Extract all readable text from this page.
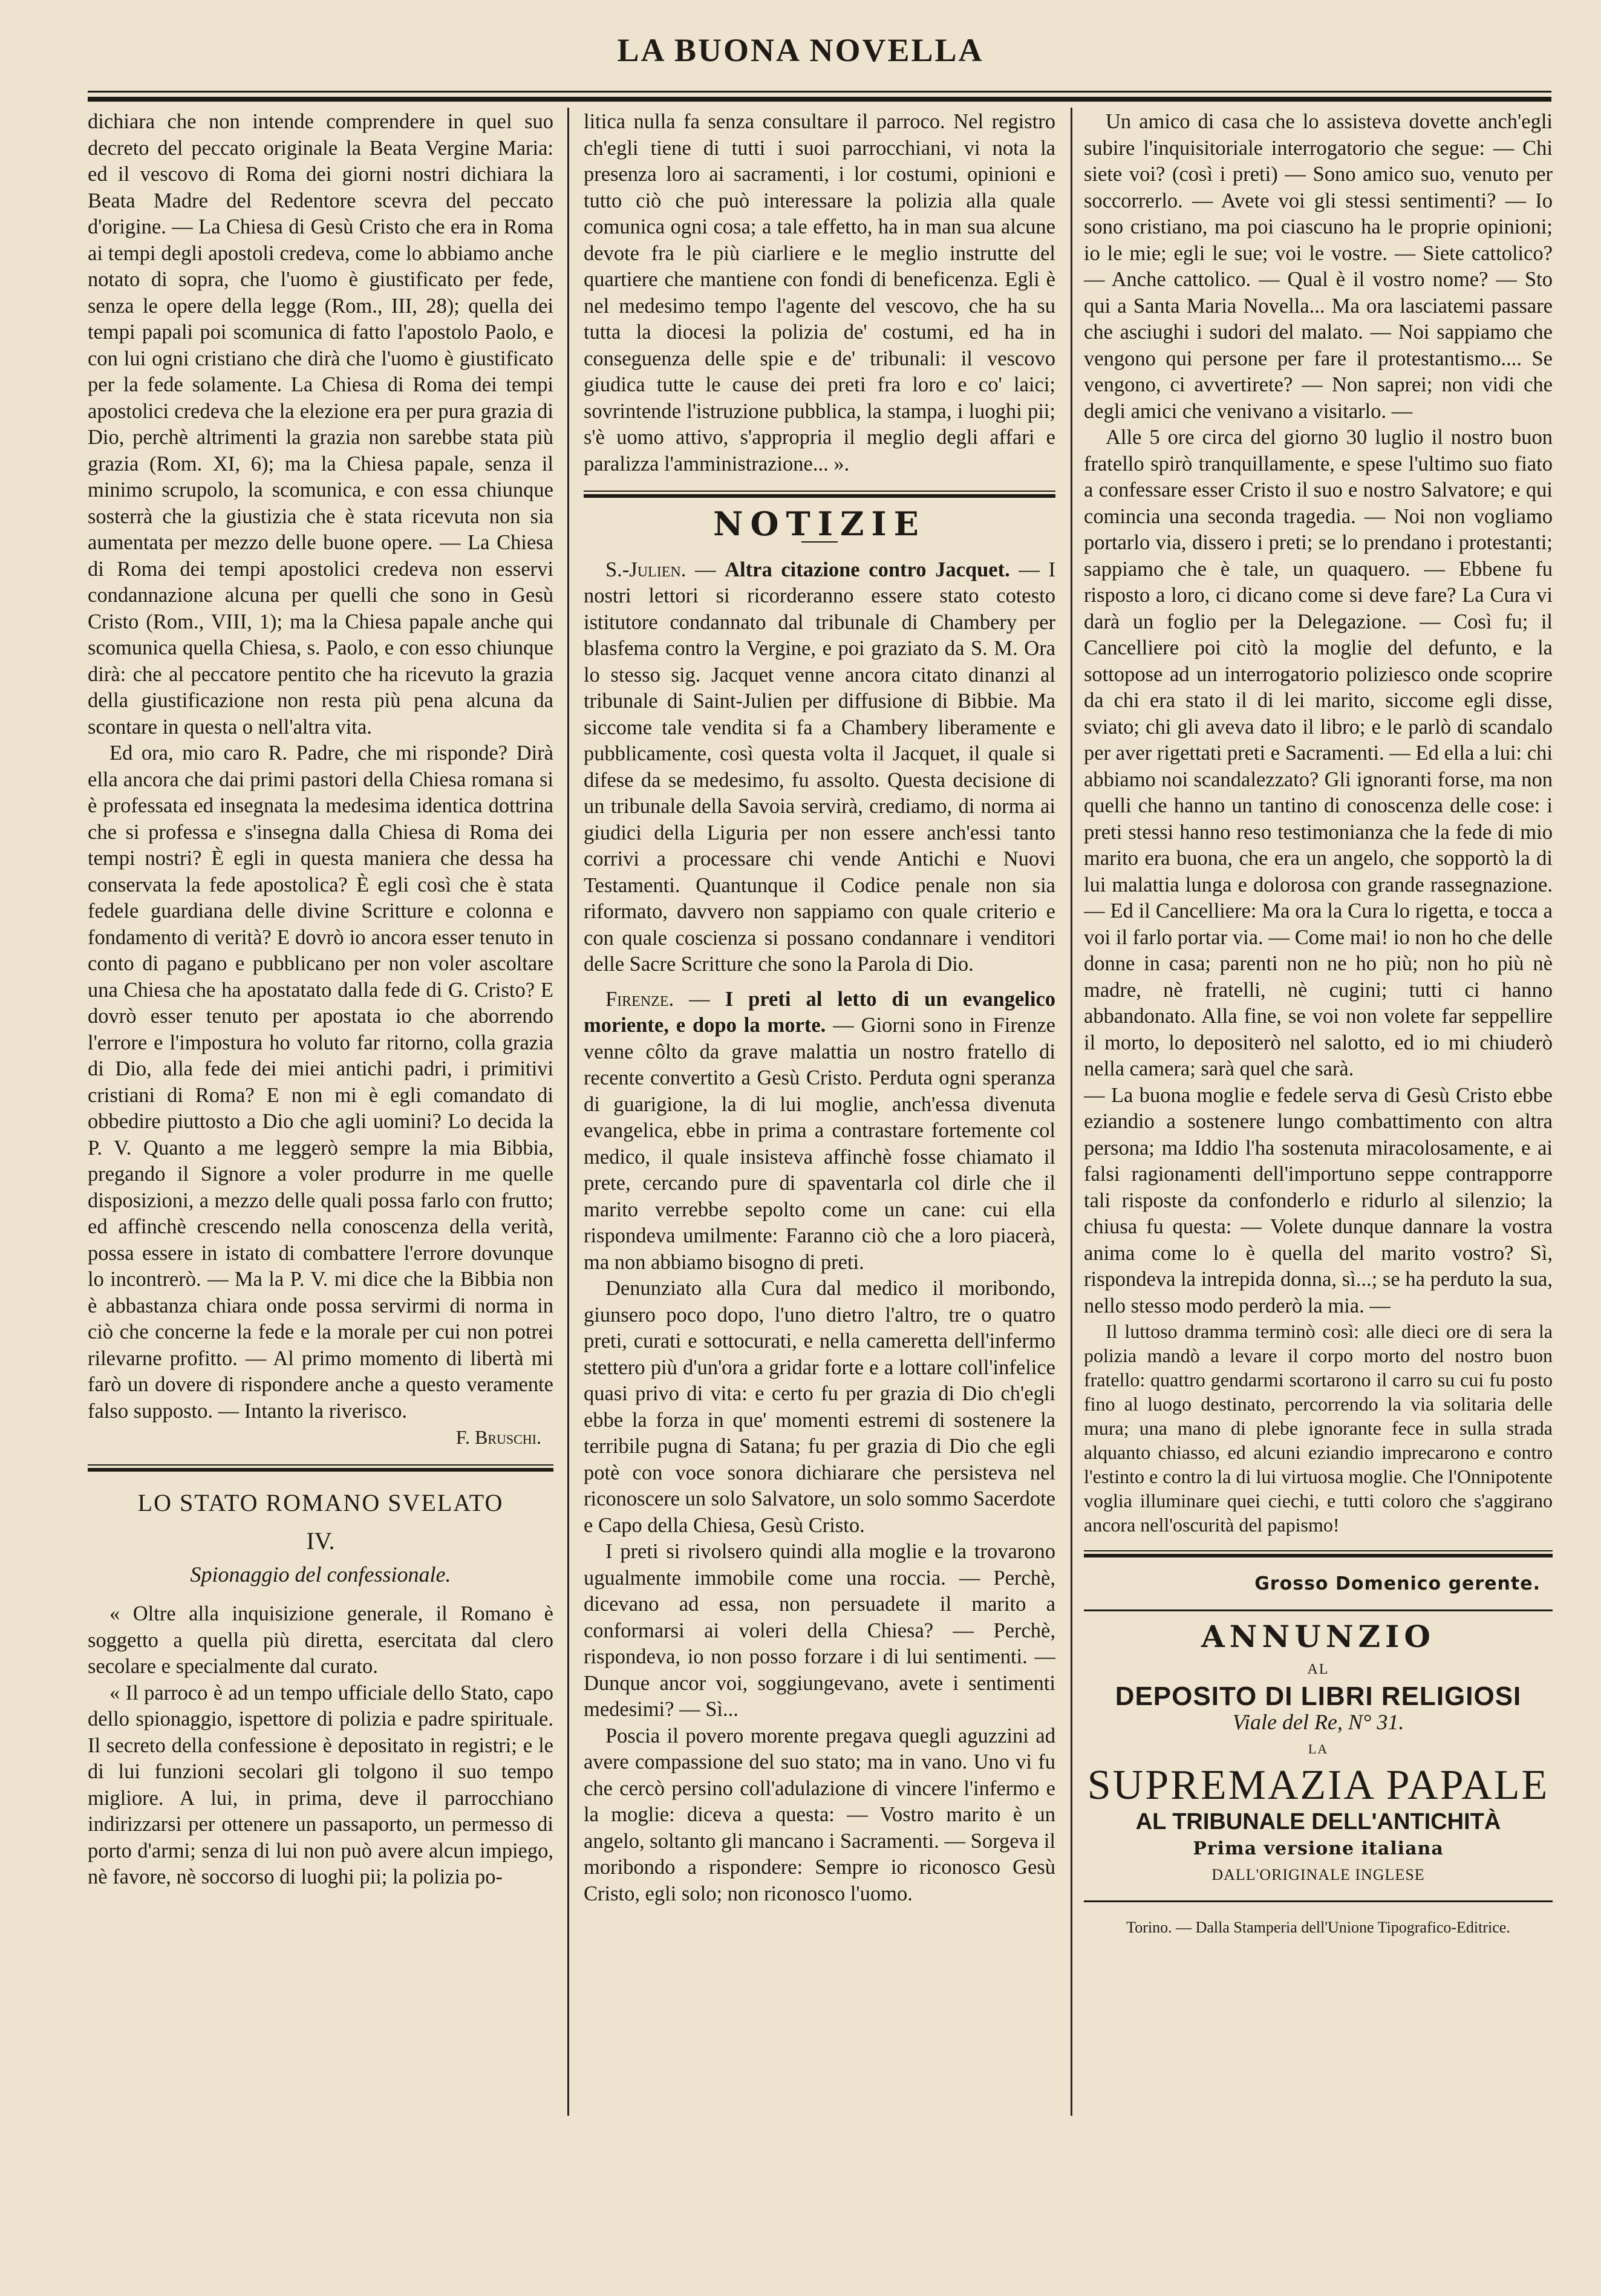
LA BUONA NOVELLA

dichiara che non intende comprendere in quel suo decreto del peccato originale la Beata Vergine Maria: ed il vescovo di Roma dei giorni nostri dichiara la Beata Madre del Redentore scevra del peccato d'origine. — La Chiesa di Gesù Cristo che era in Roma ai tempi degli apostoli credeva, come lo abbiamo anche notato di sopra, che l'uomo è giustificato per fede, senza le opere della legge (Rom., III, 28); quella dei tempi papali poi scomunica di fatto l'apostolo Paolo, e con lui ogni cristiano che dirà che l'uomo è giustificato per la fede solamente. La Chiesa di Roma dei tempi apostolici credeva che la elezione era per pura grazia di Dio, perchè altrimenti la grazia non sarebbe stata più grazia (Rom. XI, 6); ma la Chiesa papale, senza il minimo scrupolo, la scomunica, e con essa chiunque sosterrà che la giustizia che è stata ricevuta non sia aumentata per mezzo delle buone opere. — La Chiesa di Roma dei tempi apostolici credeva non esservi condannazione alcuna per quelli che sono in Gesù Cristo (Rom., VIII, 1); ma la Chiesa papale anche qui scomunica quella Chiesa, s. Paolo, e con esso chiunque dirà: che al peccatore pentito che ha ricevuto la grazia della giustificazione non resta più pena alcuna da scontare in questa o nell'altra vita.

Ed ora, mio caro R. Padre, che mi risponde? Dirà ella ancora che dai primi pastori della Chiesa romana si è professata ed insegnata la medesima identica dottrina che si professa e s'insegna dalla Chiesa di Roma dei tempi nostri? È egli in questa maniera che dessa ha conservata la fede apostolica? È egli così che è stata fedele guardiana delle divine Scritture e colonna e fondamento di verità? E dovrò io ancora esser tenuto in conto di pagano e pubblicano per non voler ascoltare una Chiesa che ha apostatato dalla fede di G. Cristo? E dovrò esser tenuto per apostata io che aborrendo l'errore e l'impostura ho voluto far ritorno, colla grazia di Dio, alla fede dei miei antichi padri, i primitivi cristiani di Roma? E non mi è egli comandato di obbedire piuttosto a Dio che agli uomini? Lo decida la P. V. Quanto a me leggerò sempre la mia Bibbia, pregando il Signore a voler produrre in me quelle disposizioni, a mezzo delle quali possa farlo con frutto; ed affinchè crescendo nella conoscenza della verità, possa essere in istato di combattere l'errore dovunque lo incontrerò. — Ma la P. V. mi dice che la Bibbia non è abbastanza chiara onde possa servirmi di norma in ciò che concerne la fede e la morale per cui non potrei rilevarne profitto. — Al primo momento di libertà mi farò un dovere di rispondere anche a questo veramente falso supposto. — Intanto la riverisco.

F. Bruschi.
LO STATO ROMANO SVELATO
IV.
Spionaggio del confessionale.

« Oltre alla inquisizione generale, il Romano è soggetto a quella più diretta, esercitata dal clero secolare e specialmente dal curato.

« Il parroco è ad un tempo ufficiale dello Stato, capo dello spionaggio, ispettore di polizia e padre spirituale. Il secreto della confessione è depositato in registri; e le di lui funzioni secolari gli tolgono il suo tempo migliore. A lui, in prima, deve il parrocchiano indirizzarsi per ottenere un passaporto, un permesso di porto d'armi; senza di lui non può avere alcun impiego, nè favore, nè soccorso di luoghi pii; la polizia po-

litica nulla fa senza consultare il parroco. Nel registro ch'egli tiene di tutti i suoi parrocchiani, vi nota la presenza loro ai sacramenti, i lor costumi, opinioni e tutto ciò che può interessare la polizia alla quale comunica ogni cosa; a tale effetto, ha in man sua alcune devote fra le più ciarliere e le meglio instrutte del quartiere che mantiene con fondi di beneficenza. Egli è nel medesimo tempo l'agente del vescovo, che ha su tutta la diocesi la polizia de' costumi, ed ha in conseguenza delle spie e de' tribunali: il vescovo giudica tutte le cause dei preti fra loro e co' laici; sovrintende l'istruzione pubblica, la stampa, i luoghi pii; s'è uomo attivo, s'appropria il meglio degli affari e paralizza l'amministrazione... ».

NOTIZIE

S.-Julien. — Altra citazione contro Jacquet. — I nostri lettori si ricorderanno essere stato cotesto istitutore condannato dal tribunale di Chambery per blasfema contro la Vergine, e poi graziato da S. M. Ora lo stesso sig. Jacquet venne ancora citato dinanzi al tribunale di Saint-Julien per diffusione di Bibbie. Ma siccome tale vendita si fa a Chambery liberamente e pubblicamente, così questa volta il Jacquet, il quale si difese da se medesimo, fu assolto. Questa decisione di un tribunale della Savoia servirà, crediamo, di norma ai giudici della Liguria per non essere anch'essi tanto corrivi a processare chi vende Antichi e Nuovi Testamenti. Quantunque il Codice penale non sia riformato, davvero non sappiamo con quale criterio e con quale coscienza si possano condannare i venditori delle Sacre Scritture che sono la Parola di Dio.

Firenze. — I preti al letto di un evangelico moriente, e dopo la morte. — Giorni sono in Firenze venne côlto da grave malattia un nostro fratello di recente convertito a Gesù Cristo. Perduta ogni speranza di guarigione, la di lui moglie, anch'essa divenuta evangelica, ebbe in prima a contrastare fortemente col medico, il quale insisteva affinchè fosse chiamato il prete, cercando pure di spaventarla col dirle che il marito verrebbe sepolto come un cane: cui ella rispondeva umilmente: Faranno ciò che a loro piacerà, ma non abbiamo bisogno di preti.

Denunziato alla Cura dal medico il moribondo, giunsero poco dopo, l'uno dietro l'altro, tre o quatro preti, curati e sottocurati, e nella cameretta dell'infermo stettero più d'un'ora a gridar forte e a lottare coll'infelice quasi privo di vita: e certo fu per grazia di Dio ch'egli ebbe la forza in que' momenti estremi di sostenere la terribile pugna di Satana; fu per grazia di Dio che egli potè con voce sonora dichiarare che persisteva nel riconoscere un solo Salvatore, un solo sommo Sacerdote e Capo della Chiesa, Gesù Cristo.

I preti si rivolsero quindi alla moglie e la trovarono ugualmente immobile come una roccia. — Perchè, dicevano ad essa, non persuadete il marito a conformarsi ai voleri della Chiesa? — Perchè, rispondeva, io non posso forzare i di lui sentimenti. — Dunque ancor voi, soggiungevano, avete i sentimenti medesimi? — Sì...

Poscia il povero morente pregava quegli aguzzini ad avere compassione del suo stato; ma in vano. Uno vi fu che cercò persino coll'adulazione di vincere l'infermo e la moglie: diceva a questa: — Vostro marito è un angelo, soltanto gli mancano i Sacramenti. — Sorgeva il moribondo a rispondere: Sempre io riconosco Gesù Cristo, egli solo; non riconosco l'uomo.

Un amico di casa che lo assisteva dovette anch'egli subire l'inquisitoriale interrogatorio che segue: — Chi siete voi? (così i preti) — Sono amico suo, venuto per soccorrerlo. — Avete voi gli stessi sentimenti? — Io sono cristiano, ma poi ciascuno ha le proprie opinioni; io le mie; egli le sue; voi le vostre. — Siete cattolico? — Anche cattolico. — Qual è il vostro nome? — Sto qui a Santa Maria Novella... Ma ora lasciatemi passare che asciughi i sudori del malato. — Noi sappiamo che vengono qui persone per fare il protestantismo.... Se vengono, ci avvertirete? — Non saprei; non vidi che degli amici che venivano a visitarlo. —

Alle 5 ore circa del giorno 30 luglio il nostro buon fratello spirò tranquillamente, e spese l'ultimo suo fiato a confessare esser Cristo il suo e nostro Salvatore; e qui comincia una seconda tragedia. — Noi non vogliamo portarlo via, dissero i preti; se lo prendano i protestanti; sappiamo che è tale, un quaquero. — Ebbene fu risposto a loro, ci dicano come si deve fare? La Cura vi darà un foglio per la Delegazione. — Così fu; il Cancelliere poi citò la moglie del defunto, e la sottopose ad un interrogatorio poliziesco onde scoprire da chi era stato il di lei marito, siccome egli disse, sviato; chi gli aveva dato il libro; e le parlò di scandalo per aver rigettati preti e Sacramenti. — Ed ella a lui: chi abbiamo noi scandalezzato? Gli ignoranti forse, ma non quelli che hanno un tantino di conoscenza delle cose: i preti stessi hanno reso testimonianza che la fede di mio marito era buona, che era un angelo, che sopportò la di lui malattia lunga e dolorosa con grande rassegnazione. — Ed il Cancelliere: Ma ora la Cura lo rigetta, e tocca a voi il farlo portar via. — Come mai! io non ho che delle donne in casa; parenti non ne ho più; non ho più nè madre, nè fratelli, nè cugini; tutti ci hanno abbandonato. Alla fine, se voi non volete far seppellire il morto, lo depositerò nel salotto, ed io mi chiuderò nella camera; sarà quel che sarà.

— La buona moglie e fedele serva di Gesù Cristo ebbe eziandio a sostenere lungo combattimento con altra persona; ma Iddio l'ha sostenuta miracolosamente, e ai falsi ragionamenti dell'importuno seppe contrapporre tali risposte da confonderlo e ridurlo al silenzio; la chiusa fu questa: — Volete dunque dannare la vostra anima come lo è quella del marito vostro? Sì, rispondeva la intrepida donna, sì...; se ha perduto la sua, nello stesso modo perderò la mia. —

Il luttoso dramma terminò così: alle dieci ore di sera la polizia mandò a levare il corpo morto del nostro buon fratello: quattro gendarmi scortarono il carro su cui fu posto fino al luogo destinato, percorrendo la via solitaria delle mura; una mano di plebe ignorante fece in sulla strada alquanto chiasso, ed alcuni eziandio imprecarono e contro l'estinto e contro la di lui virtuosa moglie. Che l'Onnipotente voglia illuminare quei ciechi, e tutti coloro che s'aggirano ancora nell'oscurità del papismo!

Grosso Domenico gerente.
ANNUNZIO

AL

DEPOSITO DI LIBRI RELIGIOSI

Viale del Re, N° 31.

LA

SUPREMAZIA PAPALE

AL TRIBUNALE DELL'ANTICHITÀ

Prima versione italiana

DALL'ORIGINALE INGLESE

Torino. — Dalla Stamperia dell'Unione Tipografico-Editrice.
